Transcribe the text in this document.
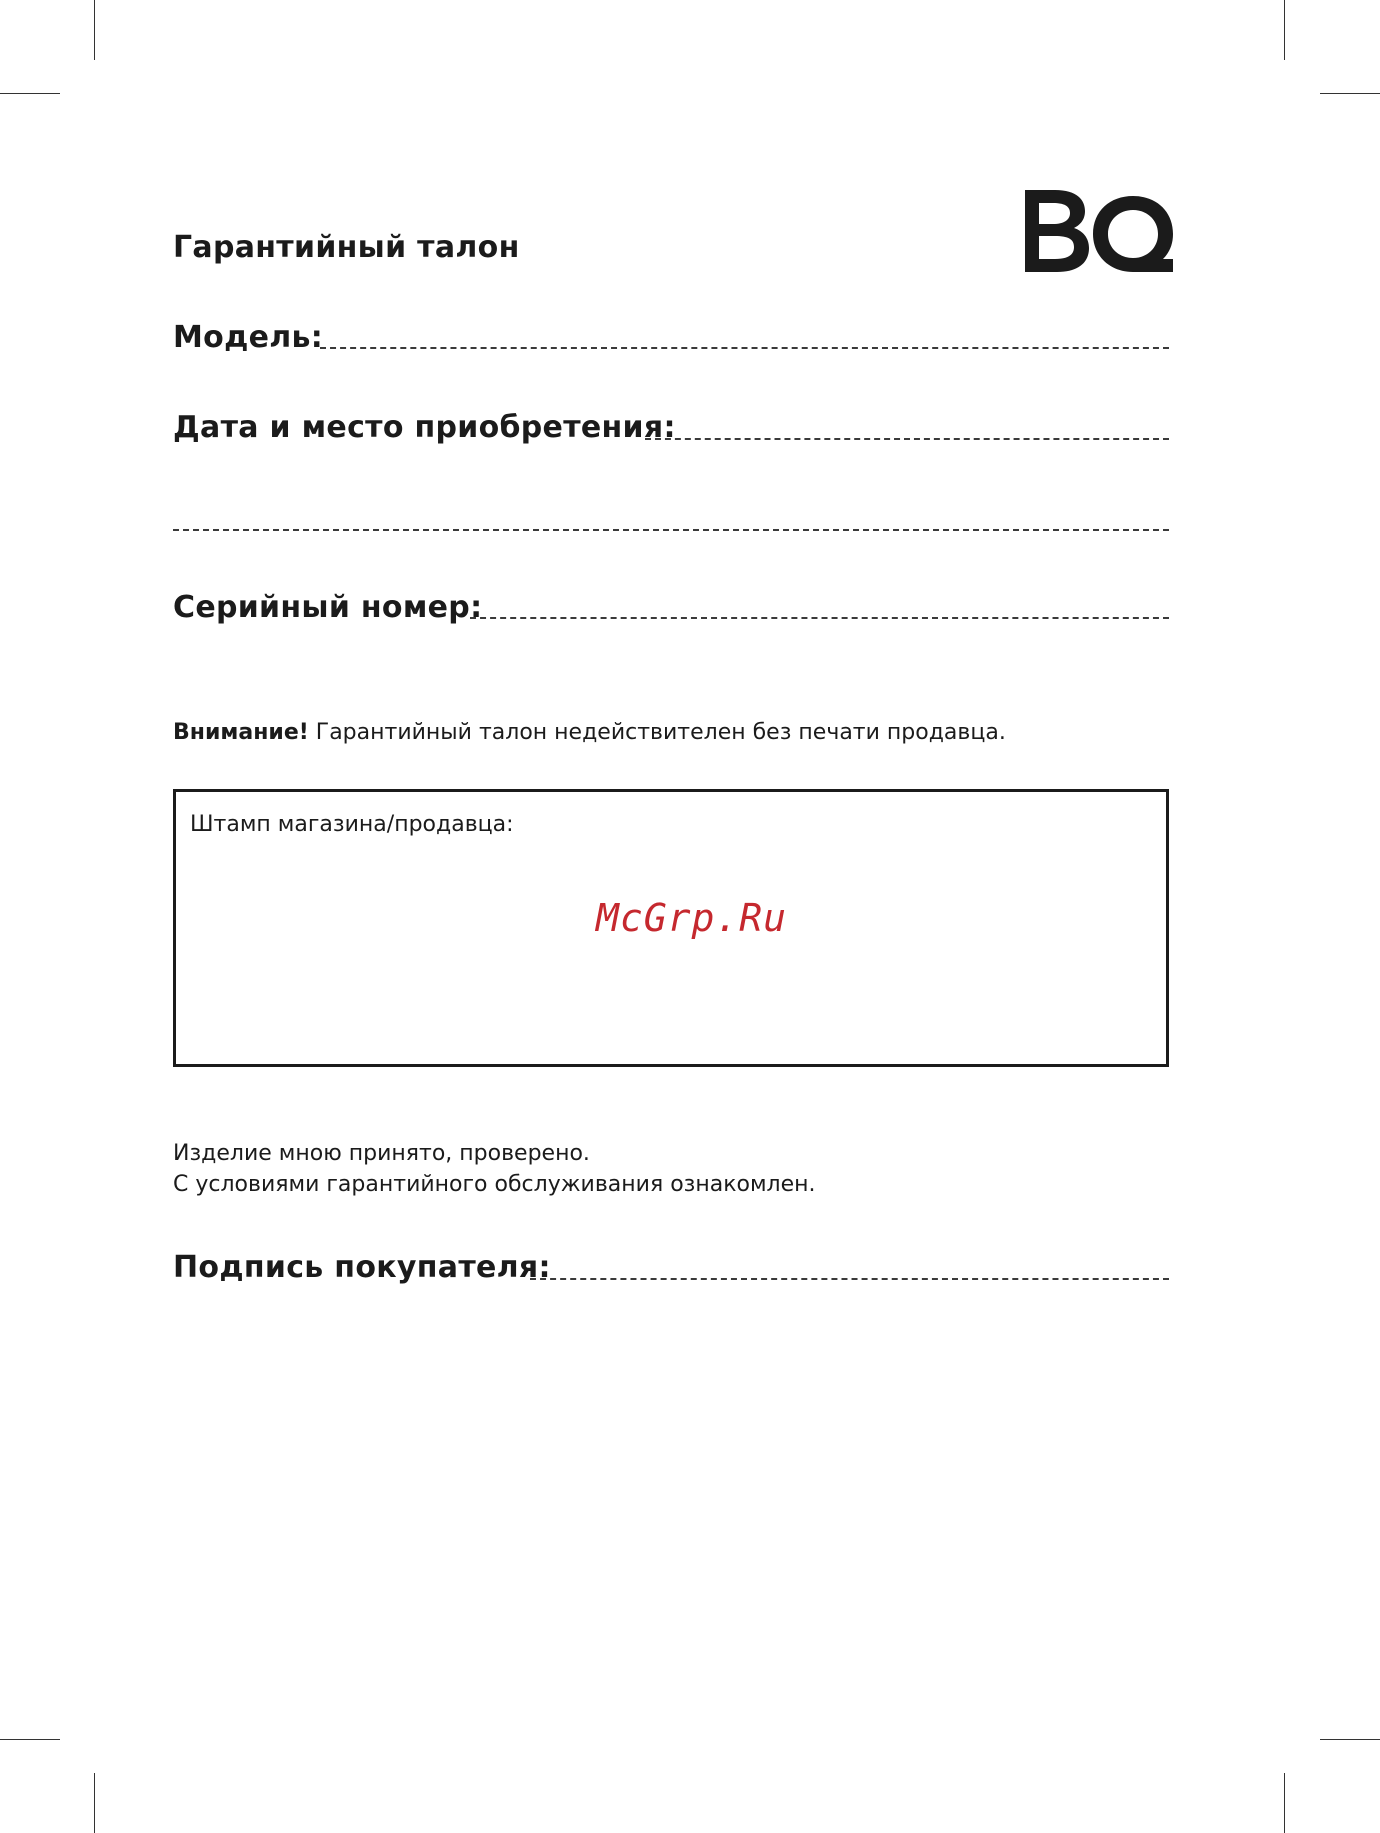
Гарантийный талон
Модель:
Дата и место приобретения:
Серийный номер:
Внимание! Гарантийный талон недействителен без печати продавца.
Штамп магазина/продавца:
McGrp.Ru
Изделие мною принято, проверено.
С условиями гарантийного обслуживания ознакомлен.
Подпись покупателя:
